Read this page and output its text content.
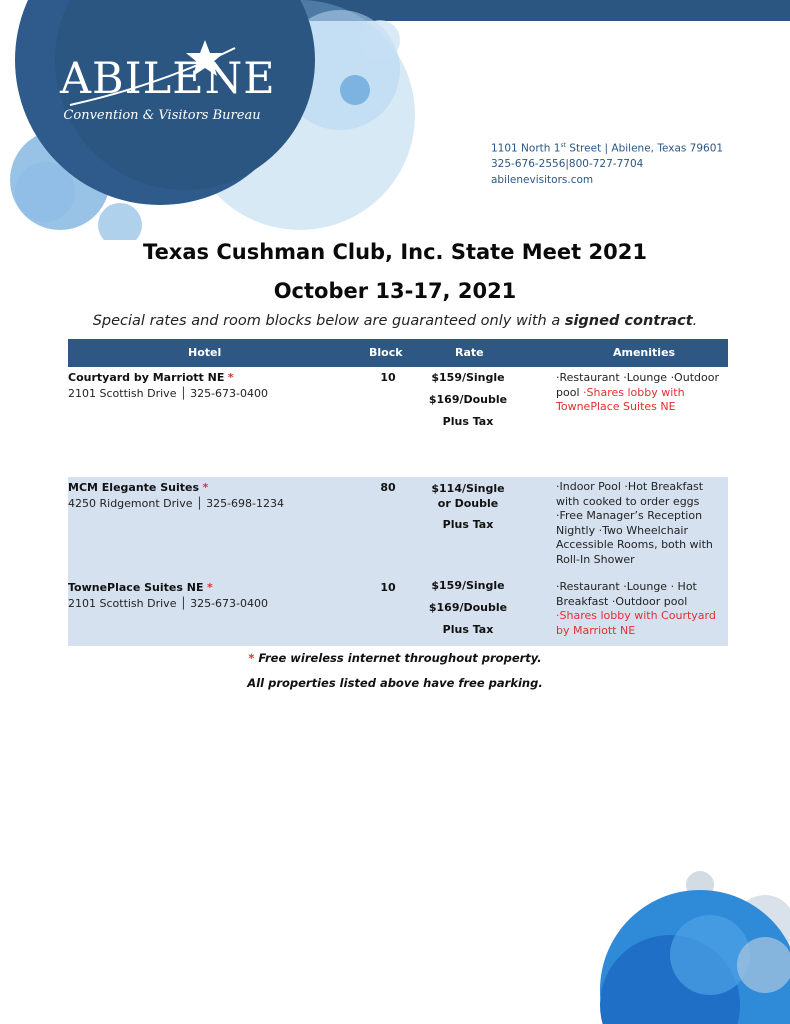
ABILENE
Convention & Visitors Bureau
1101 North 1st Street | Abilene, Texas 79601
325-676-2556|800-727-7704
abilenevisitors.com
Texas Cushman Club, Inc. State Meet 2021
October 13-17, 2021
Special rates and room blocks below are guaranteed only with a signed contract.
Hotel	Block	Rate	Amenities
Courtyard by Marriott NE *
2101 Scottish Drive │ 325-673-0400
10	$159/Single
$169/Double
Plus Tax
·Restaurant ·Lounge ·Outdoor pool ·Shares lobby with TownePlace Suites NE
MCM Elegante Suites *
4250 Ridgemont Drive │ 325-698-1234
80	$114/Single
or Double
Plus Tax
·Indoor Pool ·Hot Breakfast with cooked to order eggs ·Free Manager’s Reception Nightly ·Two Wheelchair Accessible Rooms, both with Roll-In Shower
TownePlace Suites NE *
2101 Scottish Drive │ 325-673-0400
10	$159/Single
$169/Double
Plus Tax
·Restaurant ·Lounge · Hot Breakfast ·Outdoor pool ·Shares lobby with Courtyard by Marriott NE
* Free wireless internet throughout property.
All properties listed above have free parking.
